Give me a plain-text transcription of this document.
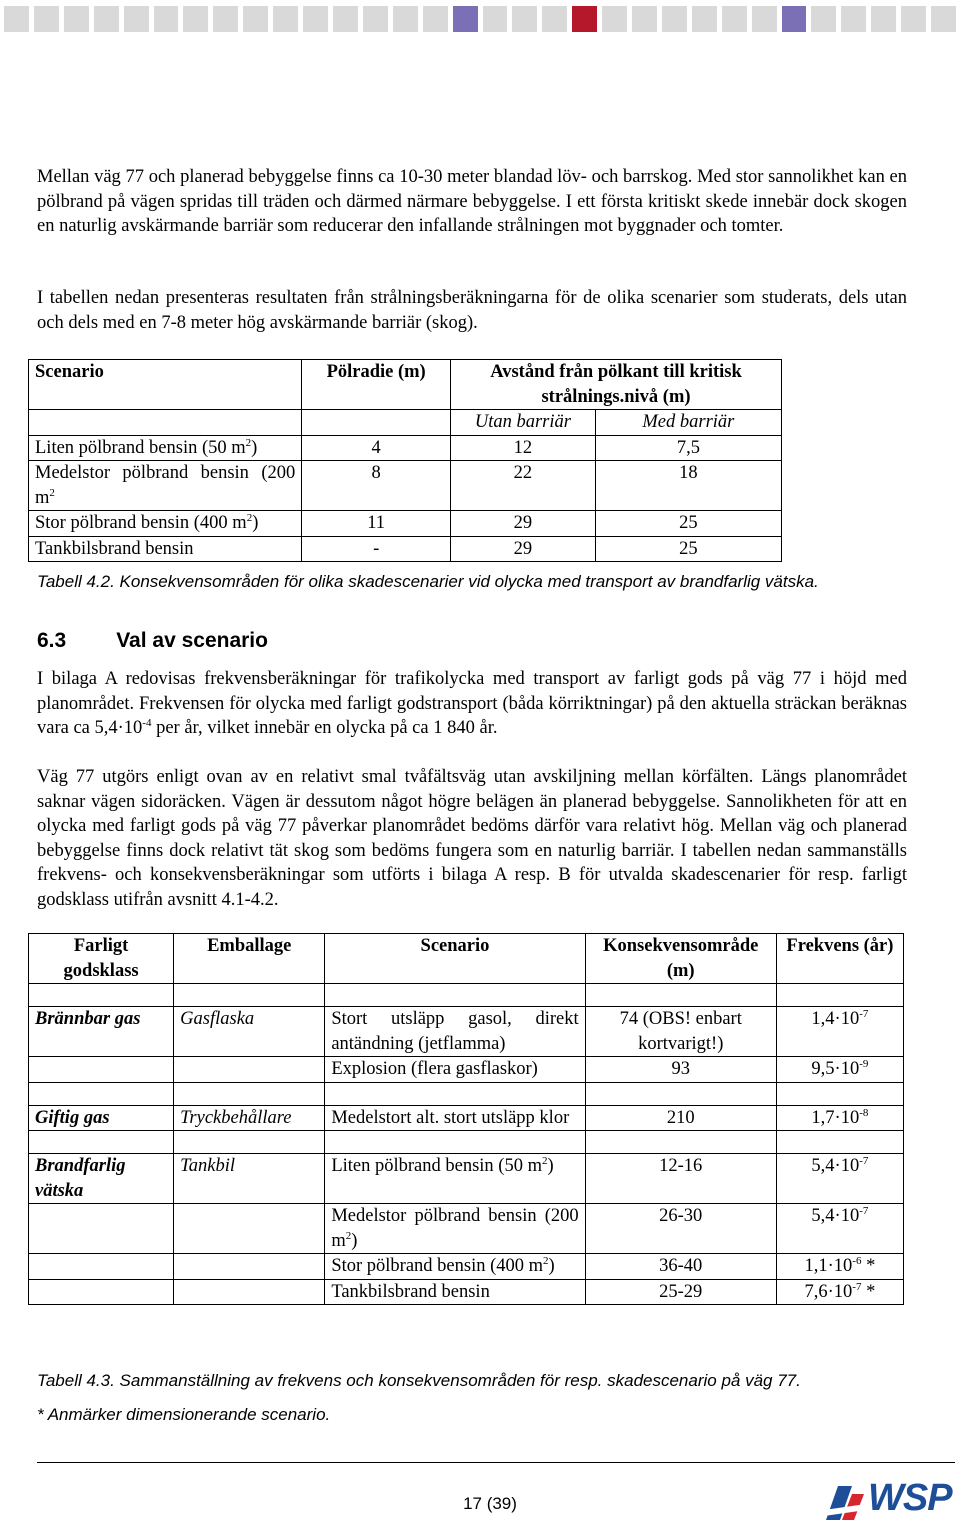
Mellan väg 77 och planerad bebyggelse finns ca 10-30 meter blandad löv- och barrskog. Med stor sannolikhet kan en pölbrand på vägen spridas till träden och därmed närmare bebyggelse. I ett första kritiskt skede innebär dock skogen en naturlig avskärmande barriär som reducerar den infallande strålningen mot byggnader och tomter.

I tabellen nedan presenteras resultaten från strålningsberäkningarna för de olika scenarier som studerats, dels utan och dels med en 7-8 meter hög avskärmande barriär (skog).

Scenario	Pölradie (m)	Avstånd från pölkant till kritisk strålnings.nivå (m)	

		Utan barriär	Med barriär
Liten pölbrand bensin (50 $m^2$)	4	12	7,5
Medelstor pölbrand bensin (200 $m^2$	8	22	18
Stor pölbrand bensin (400 $m^2$)	11	29	25
Tankbilsbrand bensin	-	29	25

Tabell 4.2. Konsekvensområden för olika skadescenarier vid olycka med transport av brandfarlig vätska.

6.3 Val av scenario

I bilaga A redovisas frekvensberäkningar för trafikolycka med transport av farligt gods på väg 77 i höjd med planområdet. Frekvensen för olycka med farligt godstransport (båda körriktningar) på den aktuella sträckan beräknas vara ca $5,4\cdot 10^{-4}$ per år, vilket innebär en olycka på ca 1 840 år.

Väg 77 utgörs enligt ovan av en relativt smal tvåfältsväg utan avskiljning mellan körfälten. Längs planområdet saknar vägen sidoräcken. Vägen är dessutom något högre belägen än planerad bebyggelse. Sannolikheten för att en olycka med farligt gods på väg 77 påverkar planområdet bedöms därför vara relativt hög. Mellan väg och planerad bebyggelse finns dock relativt tät skog som bedöms fungera som en naturlig barriär. I tabellen nedan sammanställs frekvens- och konsekvensberäkningar som utförts i bilaga A resp. B för utvalda skadescenarier för resp. farligt godsklass utifrån avsnitt 4.1-4.2.

Farligt godsklass	Emballage	Scenario	Konsekvensområde (m)	Frekvens (år)

Brännbar gas	Gasflaska	Stort utsläpp gasol, direkt antändning (jetflamma)	74 (OBS! enbart kortvarigt!)	$1,4\cdot 10^{-7}$
		Explosion (flera gasflaskor)	93	$9,5\cdot 10^{-9}$

Giftig gas	Tryckbehållare	Medelstort alt. stort utsläpp klor	210	$1,7\cdot 10^{-8}$

Brandfarlig vätska	Tankbil	Liten pölbrand bensin (50 $m^2$)	12-16	$5,4\cdot 10^{-7}$
		Medelstor pölbrand bensin (200 $m^2$)	26-30	$5,4\cdot 10^{-7}$
		Stor pölbrand bensin (400 $m^2$)	36-40	$1,1\cdot 10^{-6}$ *
		Tankbilsbrand bensin	25-29	$7,6\cdot 10^{-7}$ *

Tabell 4.3. Sammanställning av frekvens och konsekvensområden för resp. skadescenario på väg 77.

* Anmärker dimensionerande scenario.

17 (39)	WSP
